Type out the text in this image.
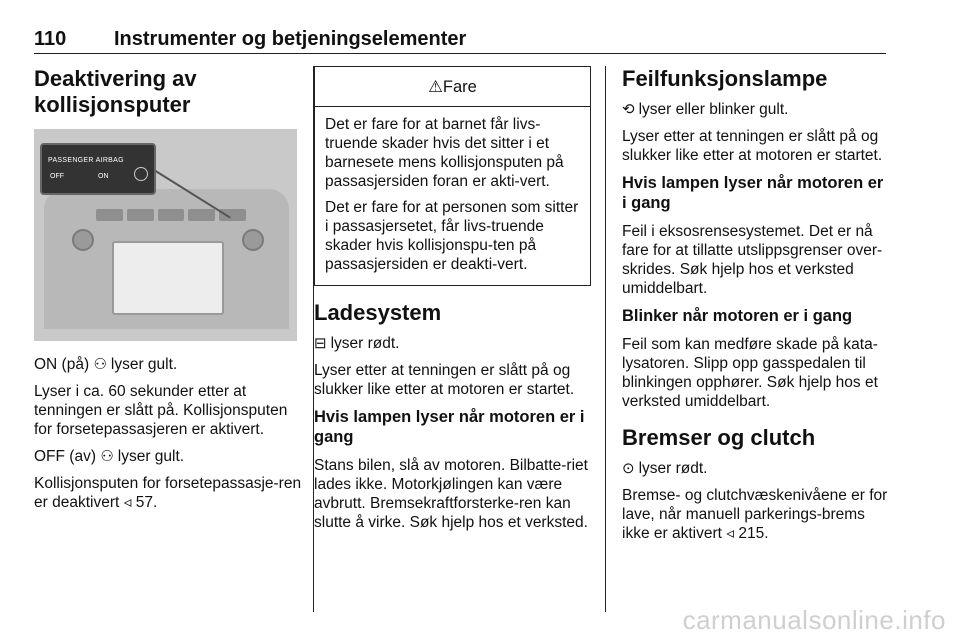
110 Instrumenter og betjeningselementer
Deaktivering av kollisjonsputer
PASSENGER AIRBAG
OFF	ON

ON (på) ⚇ lyser gult.

Lyser i ca. 60 sekunder etter at tenningen er slått på. Kollisjonsputen for forsetepassasjeren er aktivert.

OFF (av) ⚇ lyser gult.

Kollisjonsputen for forsetepassasje-ren er deaktivert ◃ 57.

⚠Fare

Det er fare for at barnet får livs-truende skader hvis det sitter i et barnesete mens kollisjonsputen på passasjersiden foran er akti-vert.

Det er fare for at personen som sitter i passasjersetet, får livs-truende skader hvis kollisjonspu-ten på passasjersiden er deakti-vert.

Ladesystem

⊟ lyser rødt.

Lyser etter at tenningen er slått på og slukker like etter at motoren er startet.

Hvis lampen lyser når motoren er i gang

Stans bilen, slå av motoren. Bilbatte-riet lades ikke. Motorkjølingen kan være avbrutt. Bremsekraftforsterke-ren kan slutte å virke. Søk hjelp hos et verksted.

Feilfunksjonslampe

⟲ lyser eller blinker gult.

Lyser etter at tenningen er slått på og slukker like etter at motoren er startet.

Hvis lampen lyser når motoren er i gang

Feil i eksosrensesystemet. Det er nå fare for at tillatte utslippsgrenser over-skrides. Søk hjelp hos et verksted umiddelbart.

Blinker når motoren er i gang

Feil som kan medføre skade på kata-lysatoren. Slipp opp gasspedalen til blinkingen opphører. Søk hjelp hos et verksted umiddelbart.

Bremser og clutch

⊙ lyser rødt.

Bremse- og clutchvæskenivåene er for lave, når manuell parkerings-brems ikke er aktivert ◃ 215.

carmanualsonline.info
